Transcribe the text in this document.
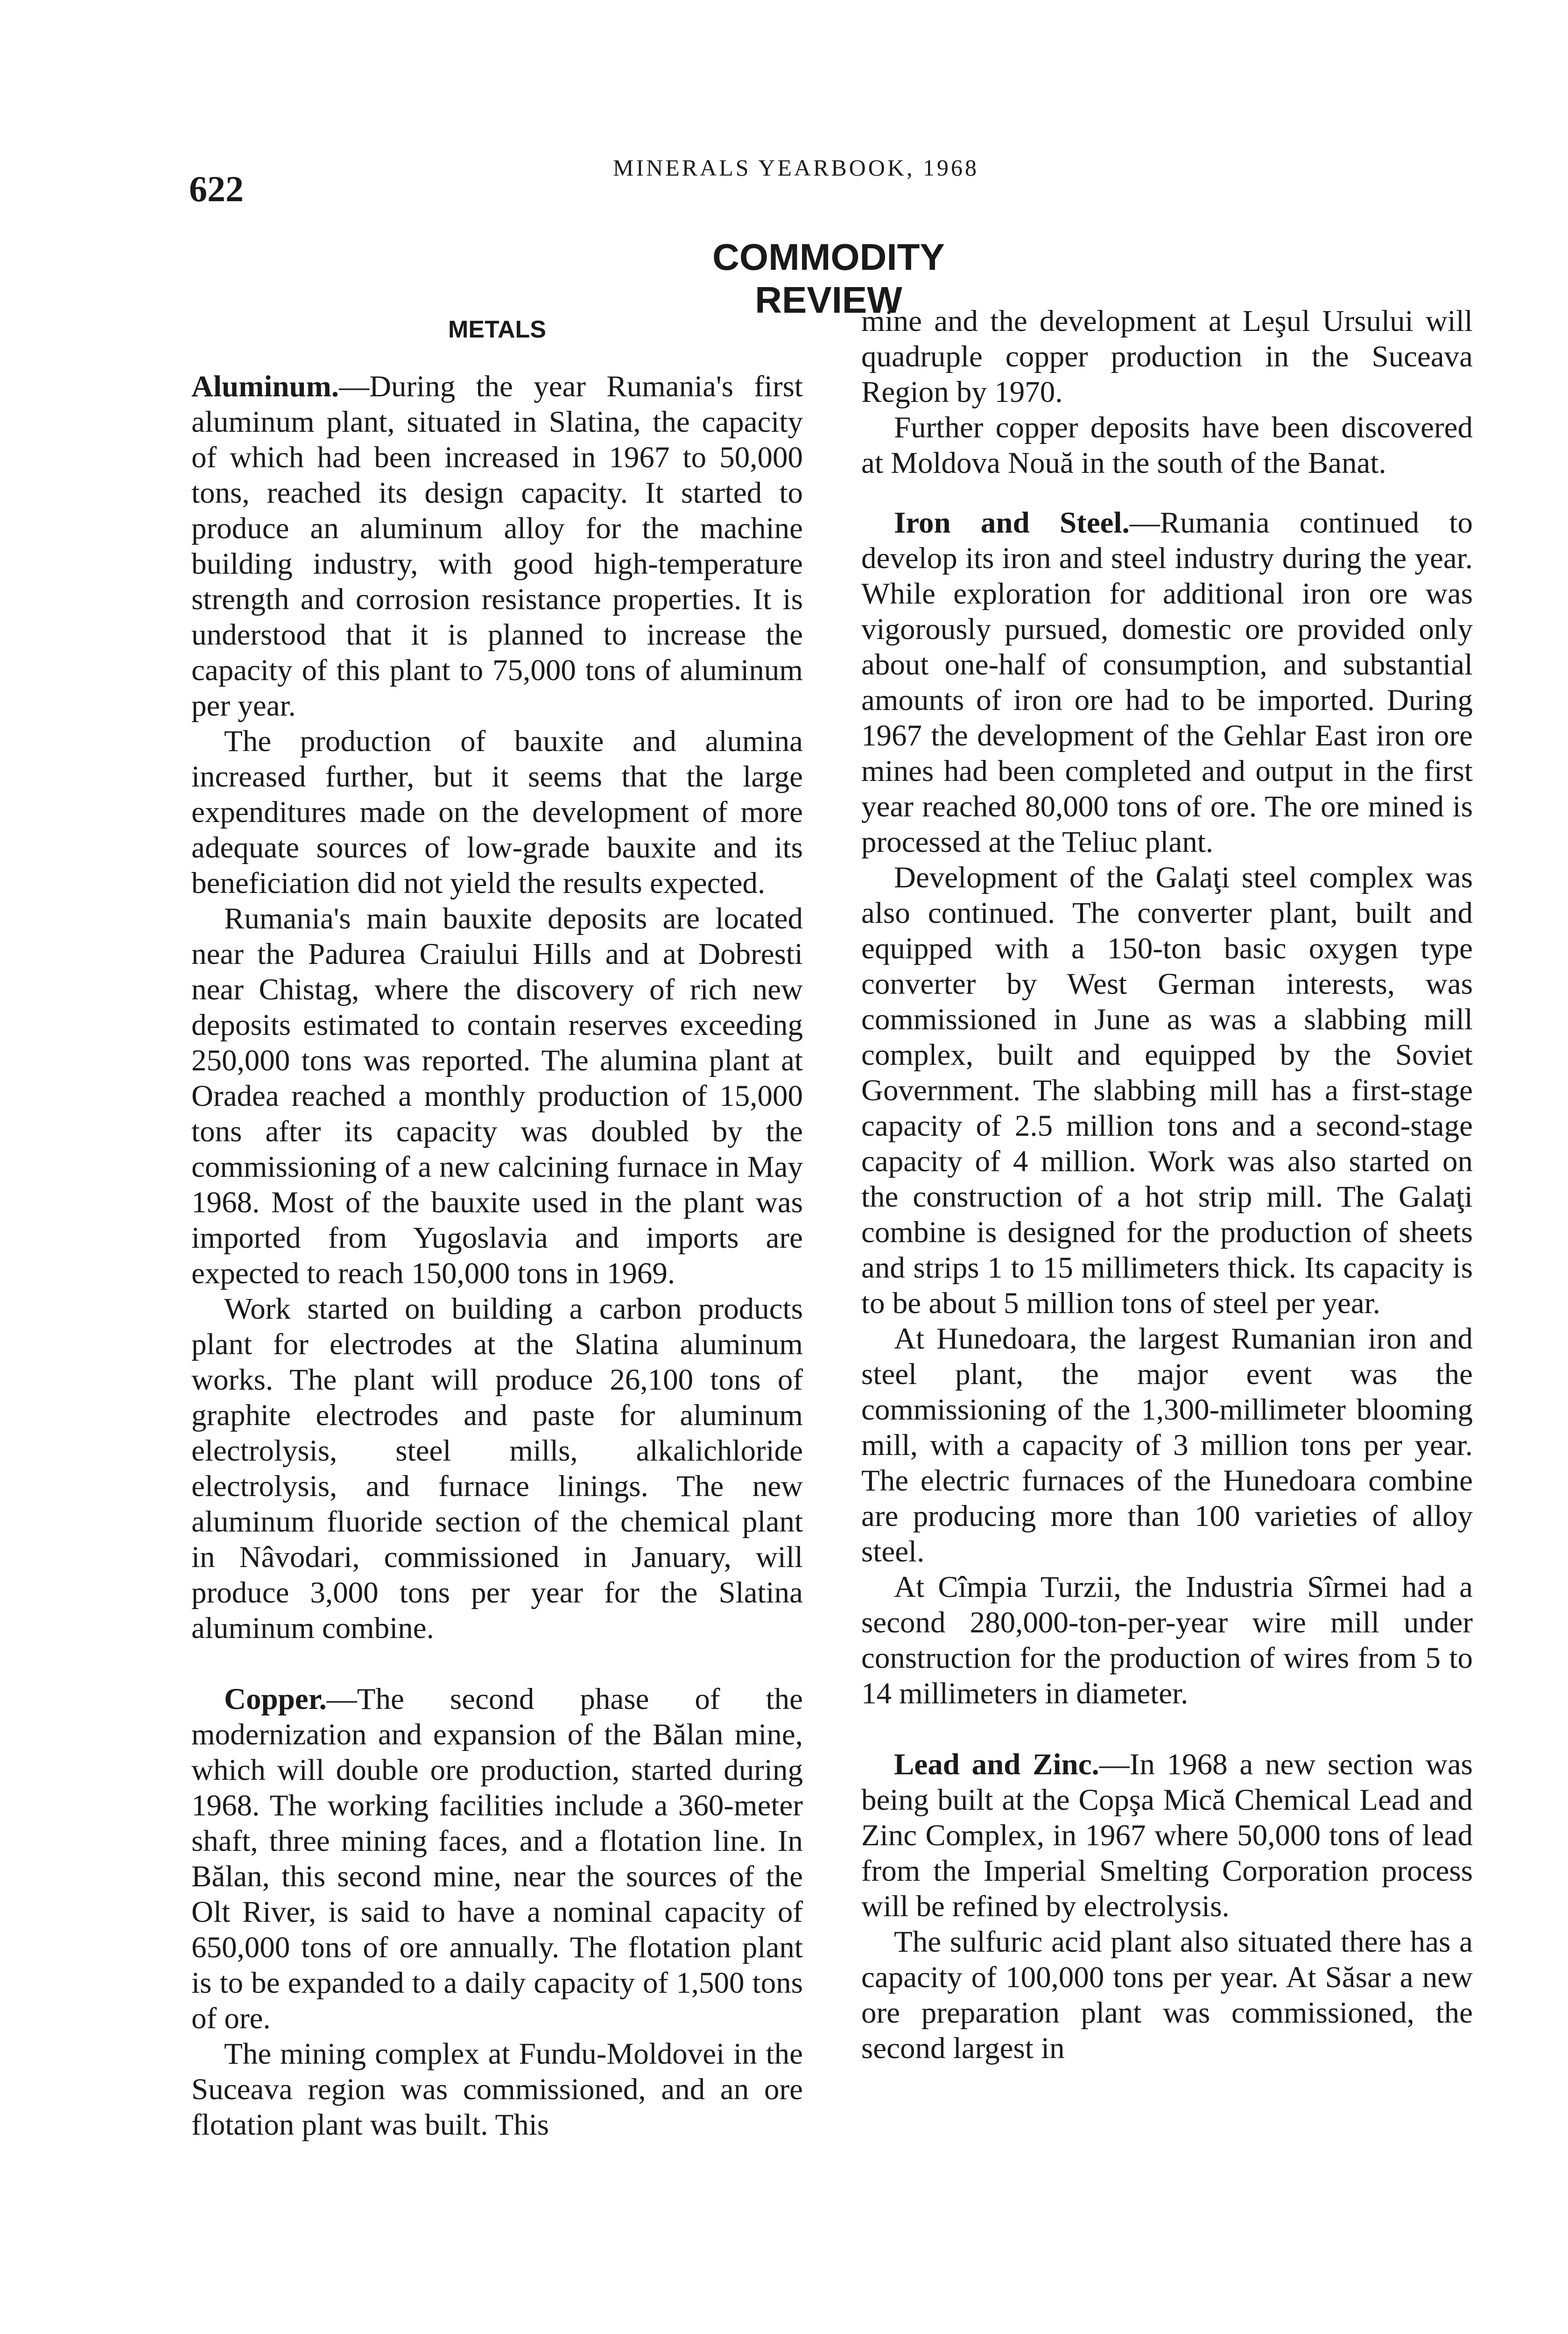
622
MINERALS YEARBOOK, 1968
COMMODITY REVIEW
METALS

Aluminum.—During the year Rumania's first aluminum plant, situated in Slatina, the capacity of which had been increased in 1967 to 50,000 tons, reached its design capacity. It started to produce an aluminum alloy for the machine building industry, with good high-temperature strength and corrosion resistance properties. It is understood that it is planned to increase the capacity of this plant to 75,000 tons of aluminum per year.

The production of bauxite and alumina increased further, but it seems that the large expenditures made on the development of more adequate sources of low-grade bauxite and its beneficiation did not yield the results expected.

Rumania's main bauxite deposits are located near the Padurea Craiului Hills and at Dobresti near Chistag, where the discovery of rich new deposits estimated to contain reserves exceeding 250,000 tons was reported. The alumina plant at Oradea reached a monthly production of 15,000 tons after its capacity was doubled by the commissioning of a new calcining furnace in May 1968. Most of the bauxite used in the plant was imported from Yugoslavia and imports are expected to reach 150,000 tons in 1969.

Work started on building a carbon products plant for electrodes at the Slatina aluminum works. The plant will produce 26,100 tons of graphite electrodes and paste for aluminum electrolysis, steel mills, alkalichloride electrolysis, and furnace linings. The new aluminum fluoride section of the chemical plant in Nâvodari, commissioned in January, will produce 3,000 tons per year for the Slatina aluminum combine.

Copper.—The second phase of the modernization and expansion of the Bălan mine, which will double ore production, started during 1968. The working facilities include a 360-meter shaft, three mining faces, and a flotation line. In Bălan, this second mine, near the sources of the Olt River, is said to have a nominal capacity of 650,000 tons of ore annually. The flotation plant is to be expanded to a daily capacity of 1,500 tons of ore.

The mining complex at Fundu-Moldovei in the Suceava region was commissioned, and an ore flotation plant was built. This

mine and the development at Leşul Ursului will quadruple copper production in the Suceava Region by 1970.

Further copper deposits have been discovered at Moldova Nouă in the south of the Banat.

Iron and Steel.—Rumania continued to develop its iron and steel industry during the year. While exploration for additional iron ore was vigorously pursued, domestic ore provided only about one-half of consumption, and substantial amounts of iron ore had to be imported. During 1967 the development of the Gehlar East iron ore mines had been completed and output in the first year reached 80,000 tons of ore. The ore mined is processed at the Teliuc plant.

Development of the Galaţi steel complex was also continued. The converter plant, built and equipped with a 150-ton basic oxygen type converter by West German interests, was commissioned in June as was a slabbing mill complex, built and equipped by the Soviet Government. The slabbing mill has a first-stage capacity of 2.5 million tons and a second-stage capacity of 4 million. Work was also started on the construction of a hot strip mill. The Galaţi combine is designed for the production of sheets and strips 1 to 15 millimeters thick. Its capacity is to be about 5 million tons of steel per year.

At Hunedoara, the largest Rumanian iron and steel plant, the major event was the commissioning of the 1,300-millimeter blooming mill, with a capacity of 3 million tons per year. The electric furnaces of the Hunedoara combine are producing more than 100 varieties of alloy steel.

At Cîmpia Turzii, the Industria Sîrmei had a second 280,000-ton-per-year wire mill under construction for the production of wires from 5 to 14 millimeters in diameter.

Lead and Zinc.—In 1968 a new section was being built at the Copşa Mică Chemical Lead and Zinc Complex, in 1967 where 50,000 tons of lead from the Imperial Smelting Corporation process will be refined by electrolysis.

The sulfuric acid plant also situated there has a capacity of 100,000 tons per year. At Săsar a new ore preparation plant was commissioned, the second largest in
